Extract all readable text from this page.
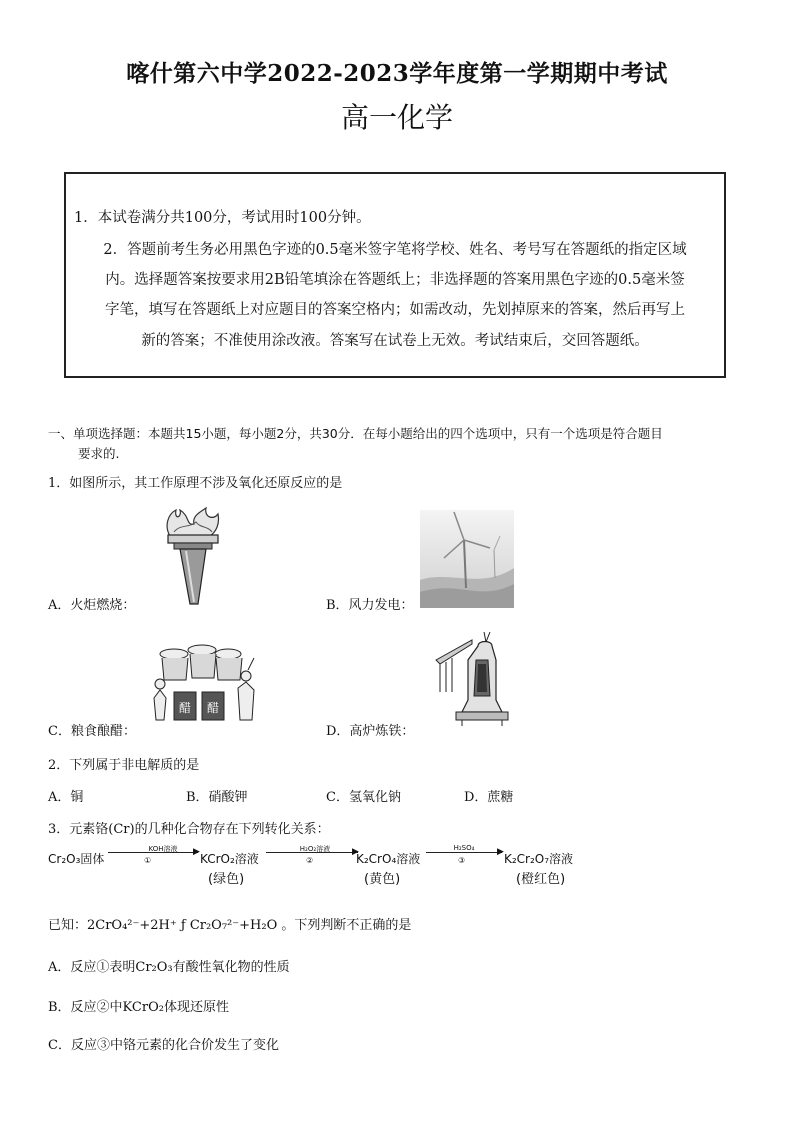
喀什第六中学2022-2023学年度第一学期期中考试
高一化学

1．本试卷满分共100分，考试用时100分钟。

2．答题前考生务必用黑色字迹的0.5毫米签字笔将学校、姓名、考号写在答题纸的指定区域

内。选择题答案按要求用2B铅笔填涂在答题纸上；非选择题的答案用黑色字迹的0.5毫米签

字笔，填写在答题纸上对应题目的答案空格内；如需改动，先划掉原来的答案，然后再写上

新的答案；不准使用涂改液。答案写在试卷上无效。考试结束后，交回答题纸。

一、单项选择题：本题共15小题，每小题2分，共30分．在每小题给出的四个选项中，只有一个选项是符合题目
要求的.
1．如图所示，其工作原理不涉及氧化还原反应的是
A．火炬燃烧：	B．风力发电：
醋 醋
C．粮食酿醋：	D．高炉炼铁：
2．下列属于非电解质的是
A．铜	B．硝酸钾	C．氢氧化钠	D．蔗糖
3．元素铬(Cr)的几种化合物存在下列转化关系：
Cr₂O₃固体
KOH溶液	▶
①	KCrO₂溶液
(绿色)
H₂O₂溶液	▶
②	K₂CrO₄溶液
(黄色)
H₂SO₄	▶
③	K₂Cr₂O₇溶液
(橙红色)
已知：2CrO₄²⁻+2H⁺ ƒ Cr₂O₇²⁻+H₂O 。下列判断不正确的是
A．反应①表明Cr₂O₃有酸性氧化物的性质
B．反应②中KCrO₂体现还原性
C．反应③中铬元素的化合价发生了变化
